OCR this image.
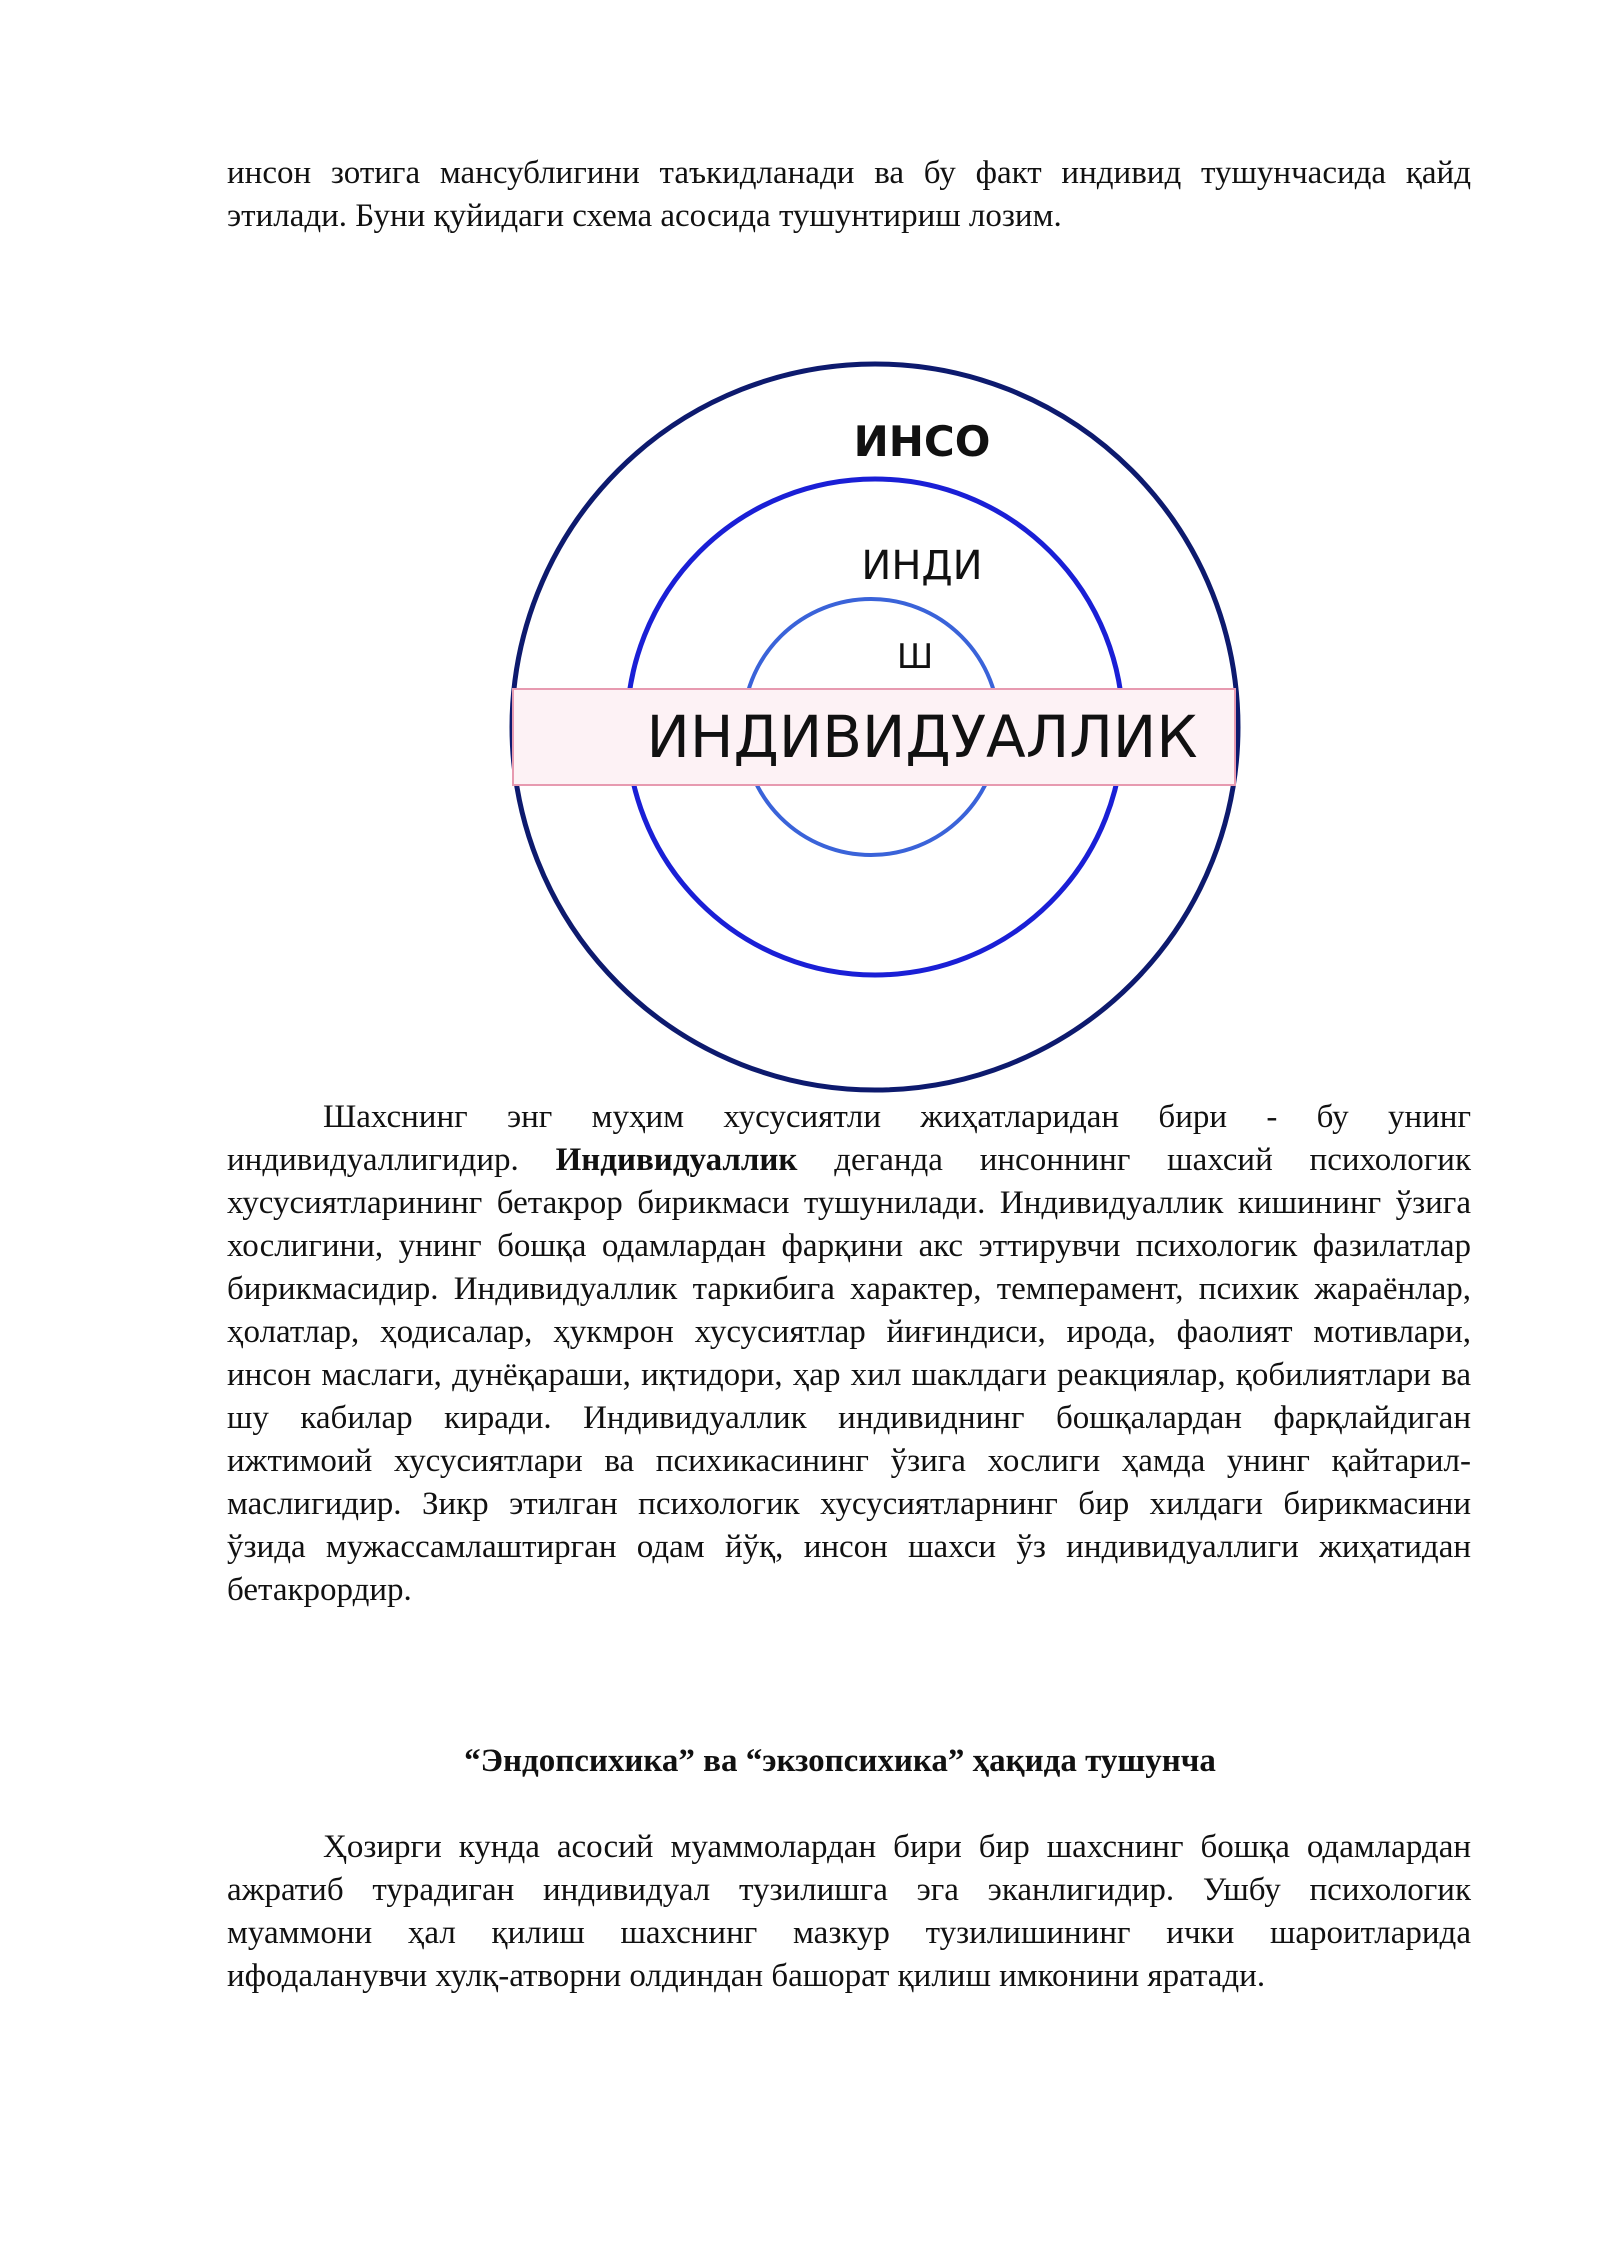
инсон зотига мансублигини таъкидланади ва бу факт индивид тушунчасида қайд этилади. Буни қуйидаги схема асосида тушунтириш лозим.

ИНСО
ИНДИ
Ш
ИНДИВИДУАЛЛИК

Шахснинг энг муҳим хусусиятли жиҳатларидан бири - бу унинг индивидуаллигидир. Индивидуаллик деганда инсоннинг шахсий психологик хусусиятларининг бетакрор бирикмаси тушунилади. Индивидуаллик кишининг ўзига хослигини, унинг бошқа одамлардан фарқини акс эттирувчи психологик фазилатлар бирикмасидир. Индивидуаллик таркибига характер, темперамент, психик жараёнлар, ҳолатлар, ҳодисалар, ҳукмрон хусусиятлар йиғиндиси, ирода, фаолият мотивлари, инсон маслаги, дунёқараши, иқтидори, ҳар хил шаклдаги реакциялар, қобилиятлари ва шу кабилар киради. Индивидуаллик индивиднинг бошқалардан фарқлайдиган ижтимоий хусусиятлари ва психикасининг ўзига хослиги ҳамда унинг қайтарил-маслигидир. Зикр этилган психологик хусусиятларнинг бир хилдаги бирикмасини ўзида мужассамлаштирган одам йўқ, инсон шахси ўз индивидуаллиги жиҳатидан бетакрордир.

“Эндопсихика” ва “экзопсихика” ҳақида тушунча

Ҳозирги кунда асосий муаммолардан бири бир шахснинг бошқа одамлардан ажратиб турадиган индивидуал тузилишга эга эканлигидир. Ушбу психологик муаммони ҳал қилиш шахснинг мазкур тузилишининг ички шароитларида ифодаланувчи хулқ-атворни олдиндан башорат қилиш имконини яратади.
